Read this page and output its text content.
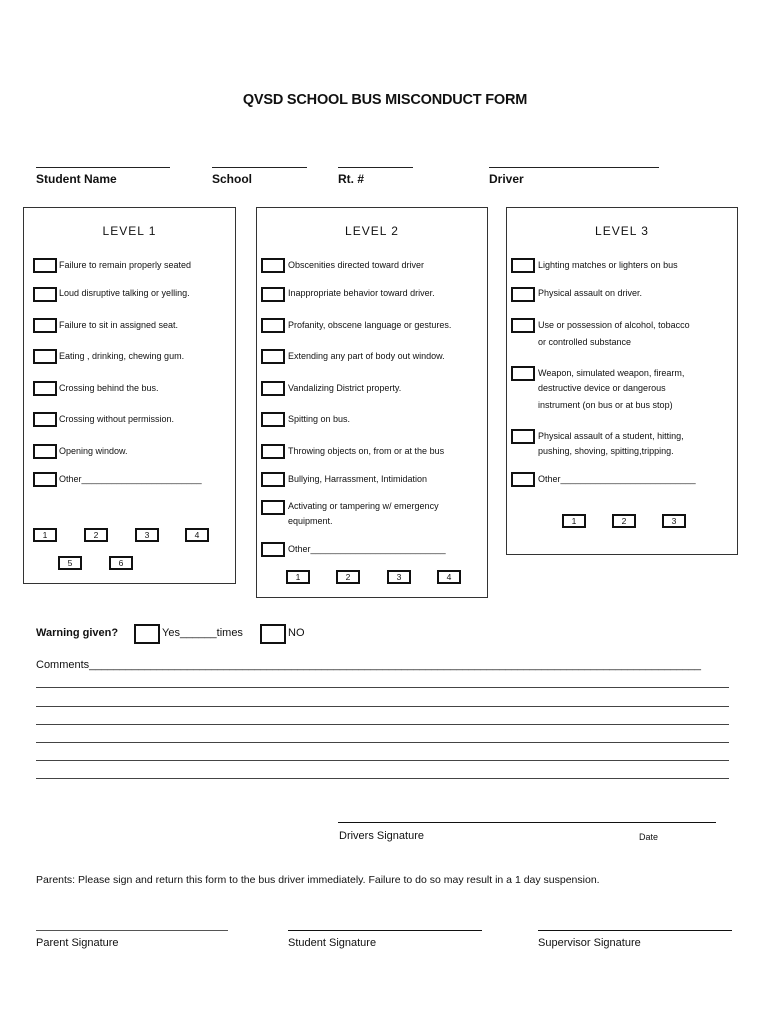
QVSD SCHOOL BUS MISCONDUCT FORM
Student Name	School	Rt. #	Driver
LEVEL 1
Failure to remain properly seated
Loud disruptive talking or yelling.
Failure to sit in assigned seat.
Eating , drinking, chewing gum.
Crossing behind the bus.
Crossing without permission.
Opening window.
Other________________________
1	2	3	4
5	6
LEVEL 2
Obscenities directed toward driver
Inappropriate behavior toward driver.
Profanity, obscene language or gestures.
Extending any part of body out window.
Vandalizing District property.
Spitting on bus.
Throwing objects on, from or at the bus
Bullying, Harrassment, Intimidation
Activating or tampering w/ emergency
equipment.
Other___________________________
1	2	3	4
LEVEL 3
Lighting matches or lighters on bus
Physical assault on driver.
Use or possession of alcohol, tobacco
or controlled substance
Weapon, simulated weapon, firearm,
destructive device or dangerous
instrument (on bus or at bus stop)
Physical assault of a student, hitting,
pushing, shoving, spitting,tripping.
Other___________________________
1	2	3
Warning given?	Yes______times	NO
Comments____________________________________________________________________________________________________
Drivers Signature	Date
Parents: Please sign and return this form to the bus driver immediately. Failure to do so may result in a 1 day suspension.
Parent Signature	Student Signature	Supervisor Signature
